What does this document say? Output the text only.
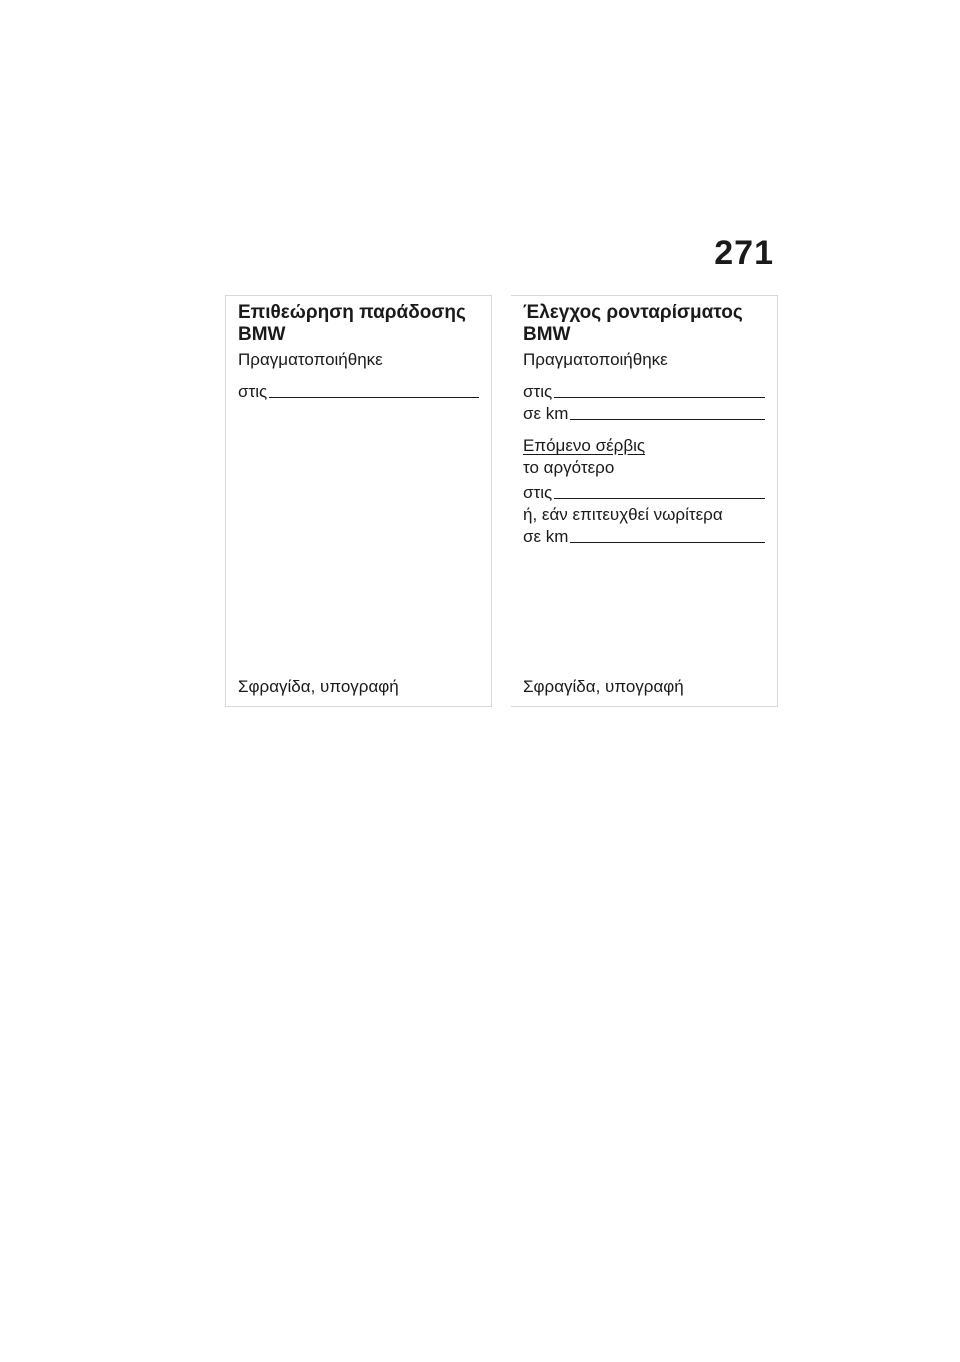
271

Επιθεώρηση παράδοσης BMW

Πραγματοποιήθηκε

στις
Σφραγίδα, υπογραφή

Έλεγχος ρονταρίσματος BMW

Πραγματοποιήθηκε

στις
σε km

Επόμενο σέρβις

το αργότερο

στις

ή, εάν επιτευχθεί νωρίτερα

σε km
Σφραγίδα, υπογραφή
